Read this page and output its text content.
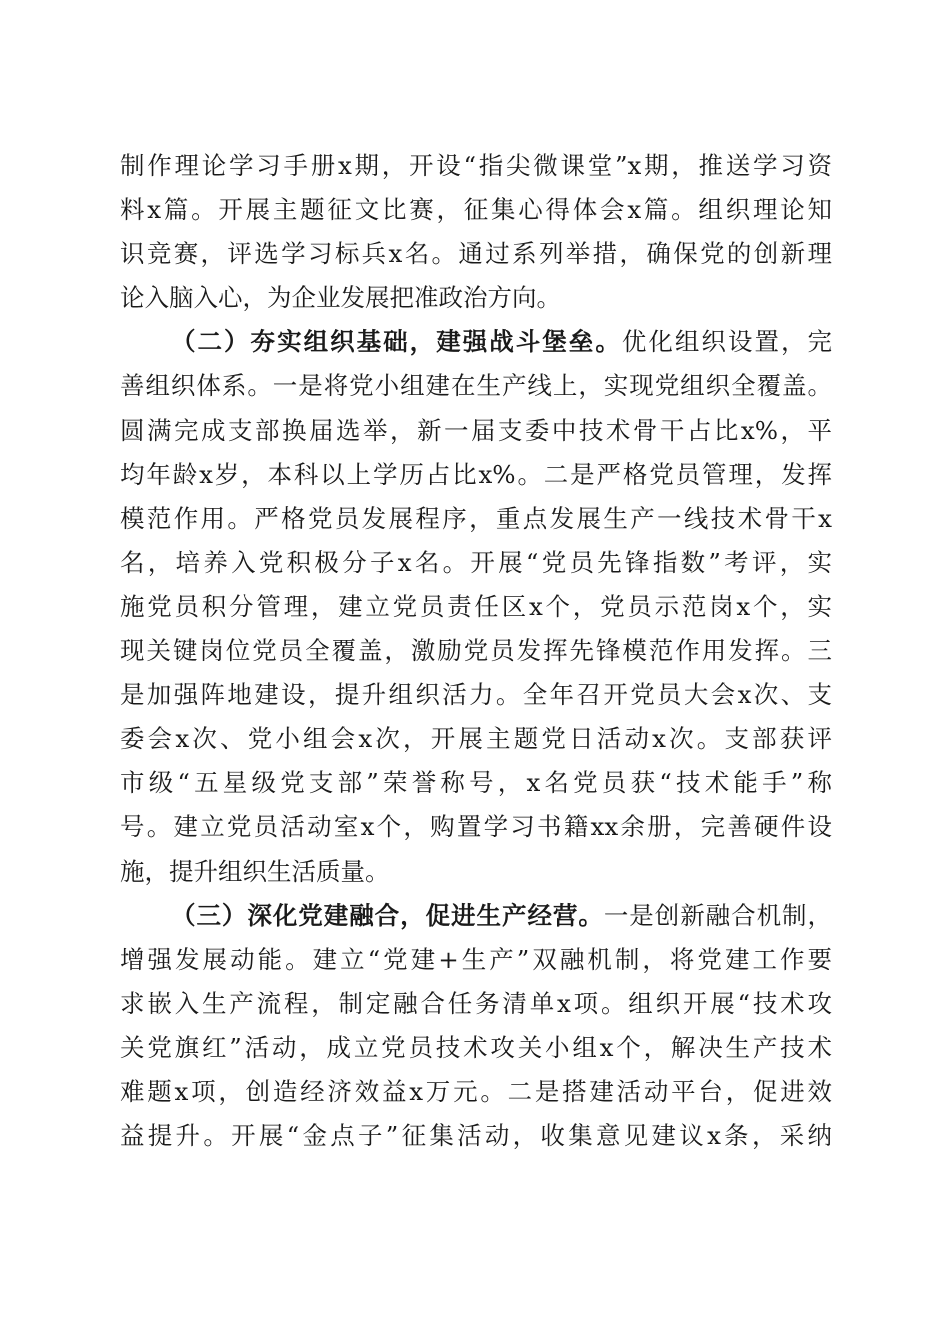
制作理论学习手册x期，开设“指尖微课堂”x期，推送学习资
料x篇。开展主题征文比赛，征集心得体会x篇。组织理论知
识竞赛，评选学习标兵x名。通过系列举措，确保党的创新理
论入脑入心，为企业发展把准政治方向。
（二）夯实组织基础，建强战斗堡垒。优化组织设置，完
善组织体系。一是将党小组建在生产线上，实现党组织全覆盖。
圆满完成支部换届选举，新一届支委中技术骨干占比x%，平
均年龄x岁，本科以上学历占比x%。二是严格党员管理，发挥
模范作用。严格党员发展程序，重点发展生产一线技术骨干x
名，培养入党积极分子x名。开展“党员先锋指数”考评，实
施党员积分管理，建立党员责任区x个，党员示范岗x个，实
现关键岗位党员全覆盖，激励党员发挥先锋模范作用发挥。三
是加强阵地建设，提升组织活力。全年召开党员大会x次、支
委会x次、党小组会x次，开展主题党日活动x次。支部获评
市级“五星级党支部”荣誉称号，x名党员获“技术能手”称
号。建立党员活动室x个，购置学习书籍xx余册，完善硬件设
施，提升组织生活质量。
（三）深化党建融合，促进生产经营。一是创新融合机制，
增强发展动能。建立“党建+生产”双融机制，将党建工作要
求嵌入生产流程，制定融合任务清单x项。组织开展“技术攻
关党旗红”活动，成立党员技术攻关小组x个，解决生产技术
难题x项，创造经济效益x万元。二是搭建活动平台，促进效
益提升。开展“金点子”征集活动，收集意见建议x条，采纳
